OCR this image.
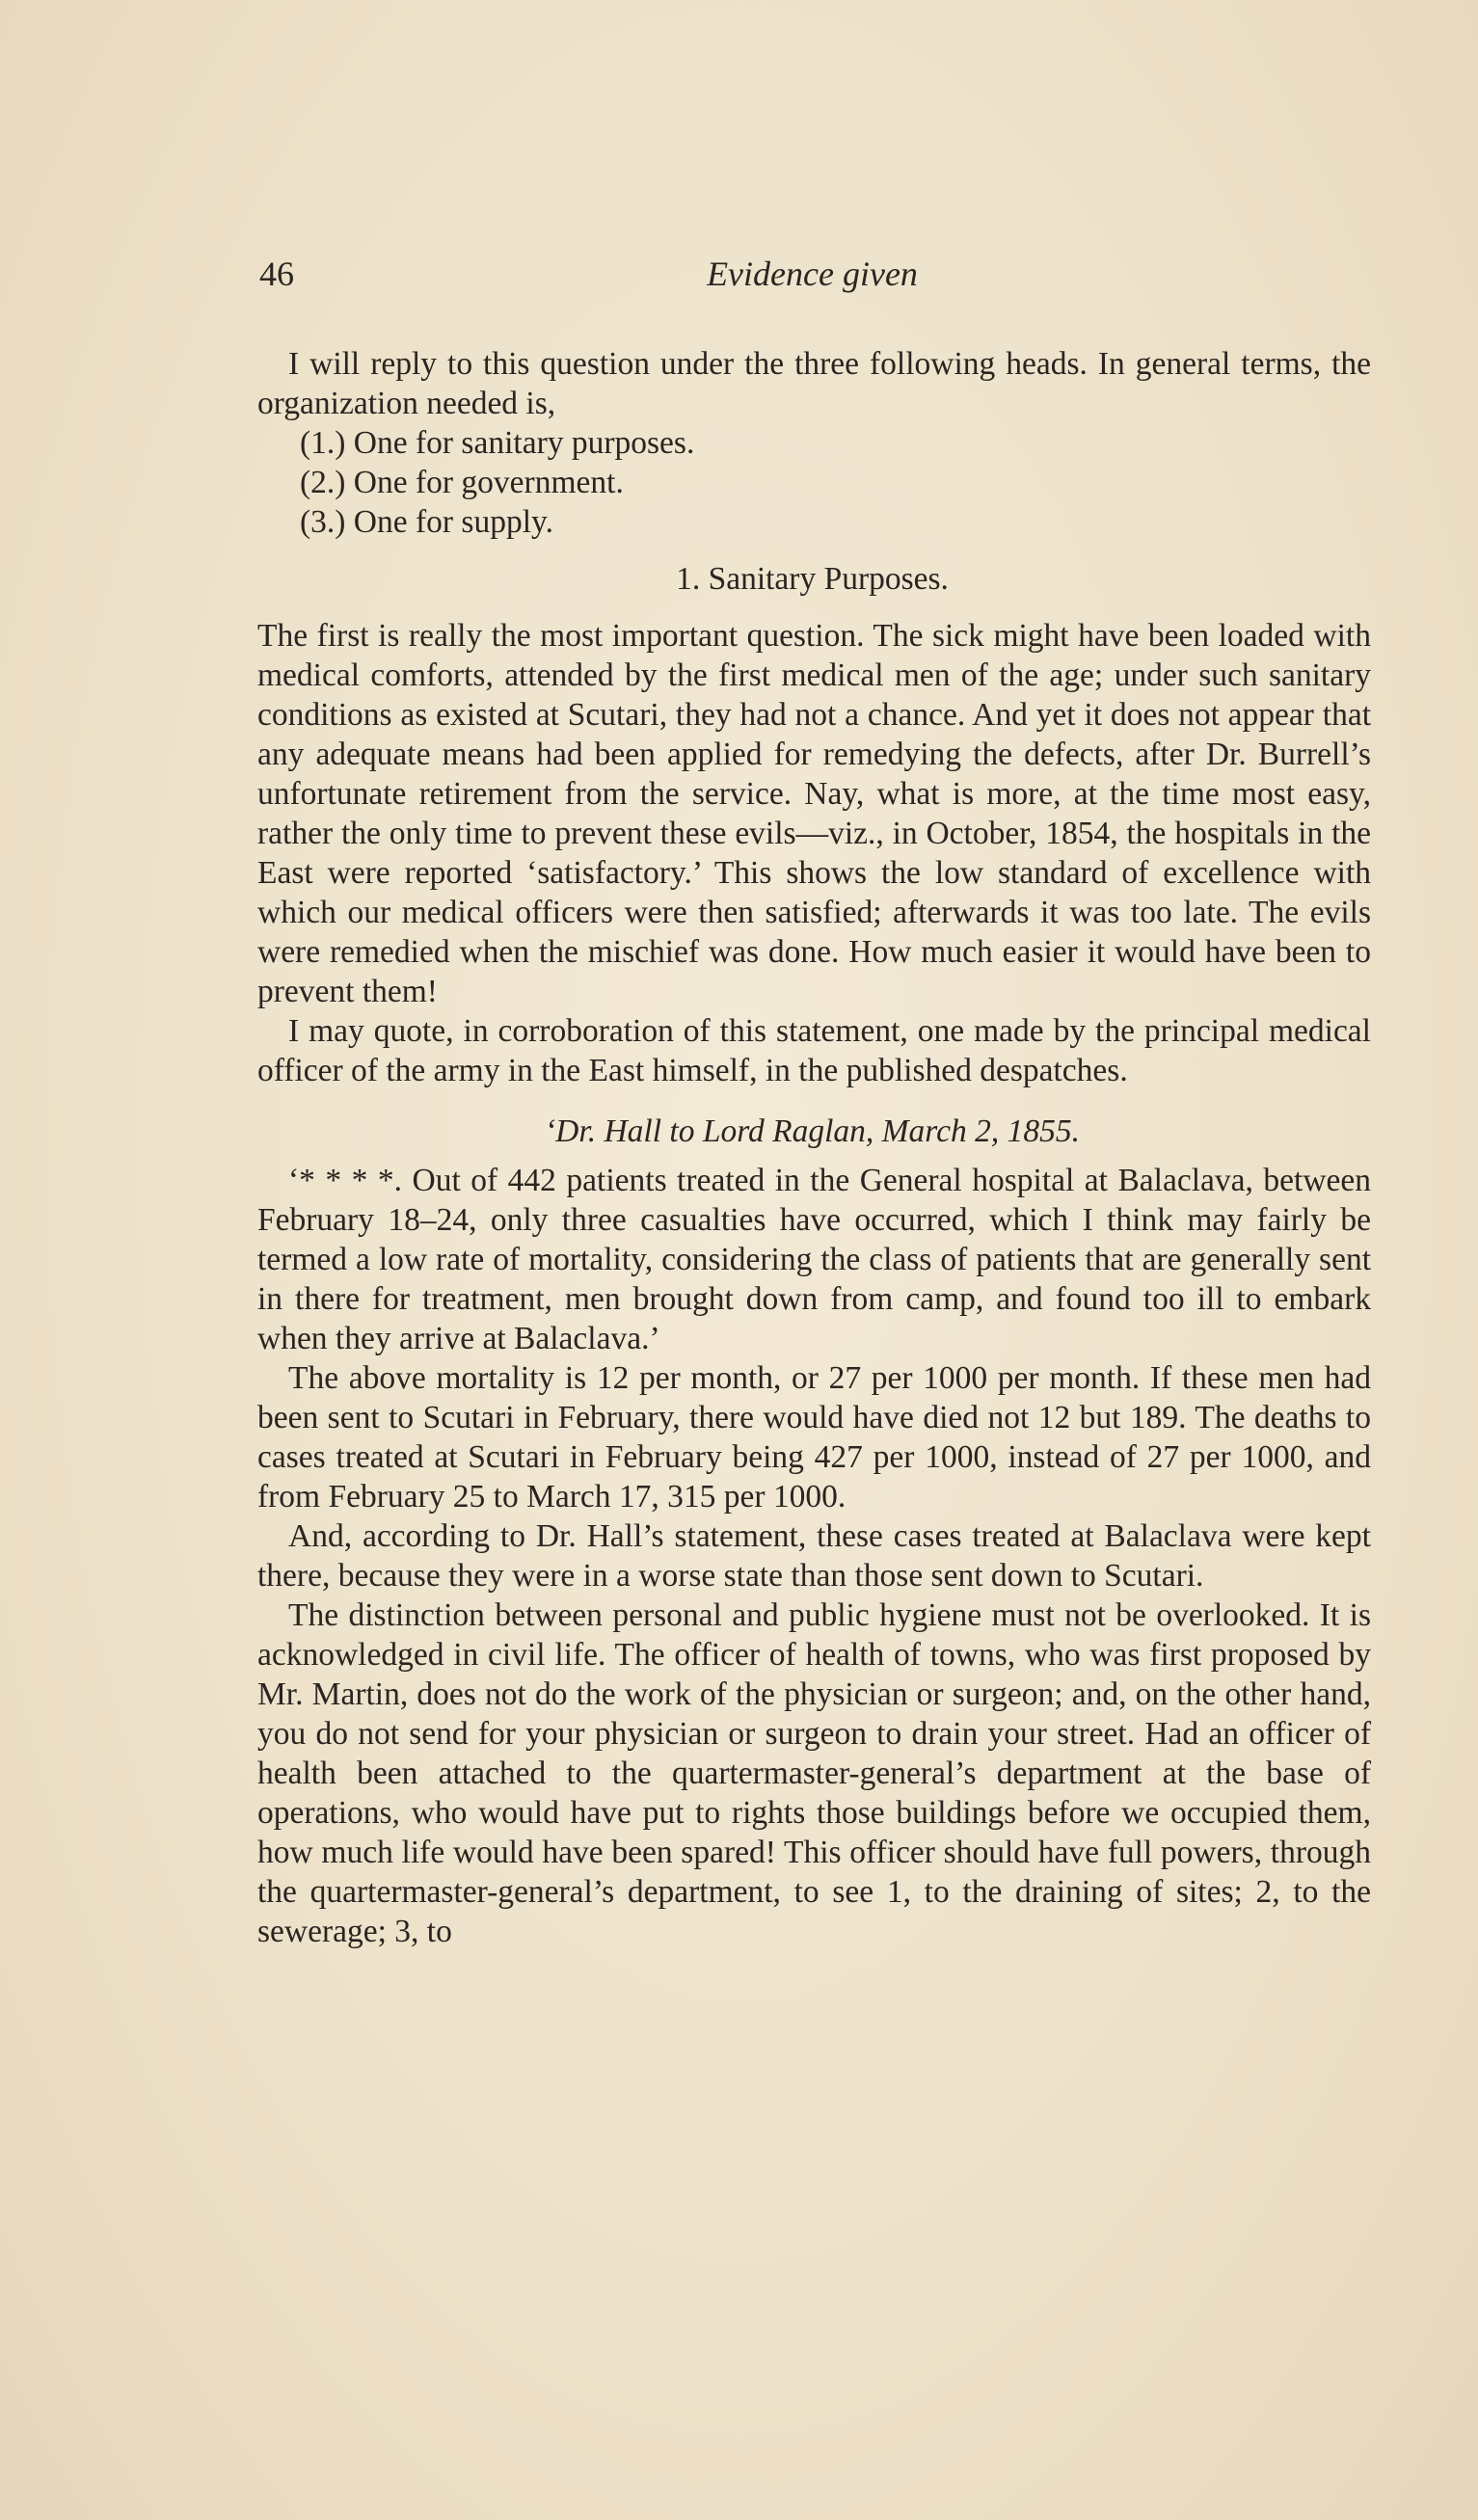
46	Evidence given

I will reply to this question under the three following heads. In general terms, the organization needed is,

(1.) One for sanitary purposes.
(2.) One for government.
(3.) One for supply.
1. Sanitary Purposes.

The first is really the most important question. The sick might have been loaded with medical comforts, attended by the first medical men of the age; under such sanitary conditions as existed at Scutari, they had not a chance. And yet it does not appear that any adequate means had been applied for remedying the defects, after Dr. Burrell’s unfortunate retirement from the service. Nay, what is more, at the time most easy, rather the only time to prevent these evils—viz., in October, 1854, the hospitals in the East were reported ‘satisfactory.’ This shows the low standard of excellence with which our medical officers were then satisfied; afterwards it was too late. The evils were remedied when the mischief was done. How much easier it would have been to prevent them!

I may quote, in corroboration of this statement, one made by the principal medical officer of the army in the East himself, in the published despatches.

‘Dr. Hall to Lord Raglan, March 2, 1855.

‘* * * *. Out of 442 patients treated in the General hospital at Balaclava, between February 18–24, only three casualties have occurred, which I think may fairly be termed a low rate of mortality, considering the class of patients that are generally sent in there for treatment, men brought down from camp, and found too ill to embark when they arrive at Balaclava.’

The above mortality is 12 per month, or 27 per 1000 per month. If these men had been sent to Scutari in February, there would have died not 12 but 189. The deaths to cases treated at Scutari in February being 427 per 1000, instead of 27 per 1000, and from February 25 to March 17, 315 per 1000.

And, according to Dr. Hall’s statement, these cases treated at Balaclava were kept there, because they were in a worse state than those sent down to Scutari.

The distinction between personal and public hygiene must not be overlooked. It is acknowledged in civil life. The officer of health of towns, who was first proposed by Mr. Martin, does not do the work of the physician or surgeon; and, on the other hand, you do not send for your physician or surgeon to drain your street. Had an officer of health been attached to the quartermaster-general’s department at the base of operations, who would have put to rights those buildings before we occupied them, how much life would have been spared! This officer should have full powers, through the quartermaster-general’s department, to see 1, to the draining of sites; 2, to the sewerage; 3, to
